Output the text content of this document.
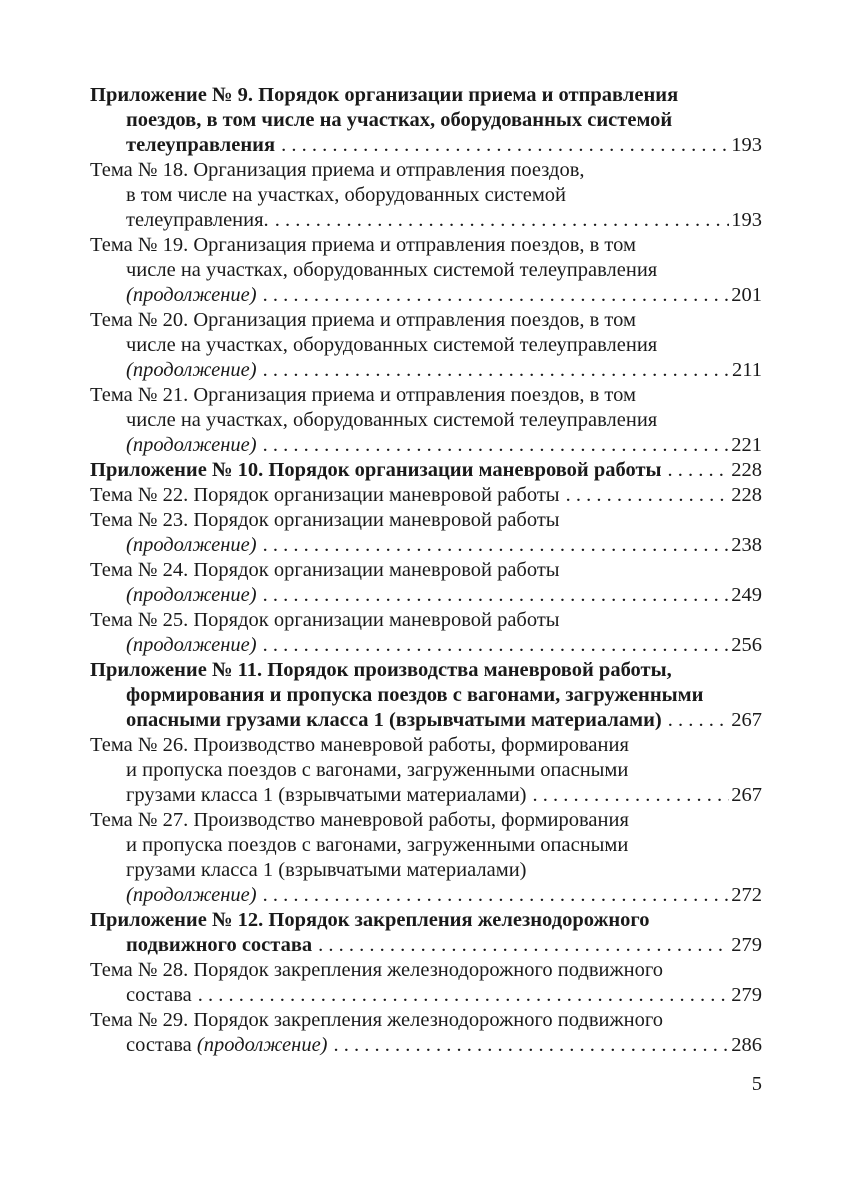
Приложение № 9. Порядок организации приема и отправления
поездов, в том числе на участках, оборудованных системой
телеуправления . . .	193
Тема № 18. Организация приема и отправления поездов,
в том числе на участках, оборудованных системой
телеуправления. . . .	193
Тема № 19. Организация приема и отправления поездов, в том
числе на участках, оборудованных системой телеуправления
(продолжение) . . .	201
Тема № 20. Организация приема и отправления поездов, в том
числе на участках, оборудованных системой телеуправления
(продолжение) . . .	211
Тема № 21. Организация приема и отправления поездов, в том
числе на участках, оборудованных системой телеуправления
(продолжение) . . .	221
Приложение № 10. Порядок организации маневровой работы . . .	228
Тема № 22. Порядок организации маневровой работы . . .	228
Тема № 23. Порядок организации маневровой работы
(продолжение) . . .	238
Тема № 24. Порядок организации маневровой работы
(продолжение) . . .	249
Тема № 25. Порядок организации маневровой работы
(продолжение) . . .	256
Приложение № 11. Порядок производства маневровой работы,
формирования и пропуска поездов с вагонами, загруженными
опасными грузами класса 1 (взрывчатыми материалами) . . .	267
Тема № 26. Производство маневровой работы, формирования
и пропуска поездов с вагонами, загруженными опасными
грузами класса 1 (взрывчатыми материалами) . . .	267
Тема № 27. Производство маневровой работы, формирования
и пропуска поездов с вагонами, загруженными опасными
грузами класса 1 (взрывчатыми материалами)
(продолжение) . . .	272
Приложение № 12. Порядок закрепления железнодорожного
подвижного состава . . .	279
Тема № 28. Порядок закрепления железнодорожного подвижного
состава . . .	279
Тема № 29. Порядок закрепления железнодорожного подвижного
состава (продолжение) . . .	286
5
